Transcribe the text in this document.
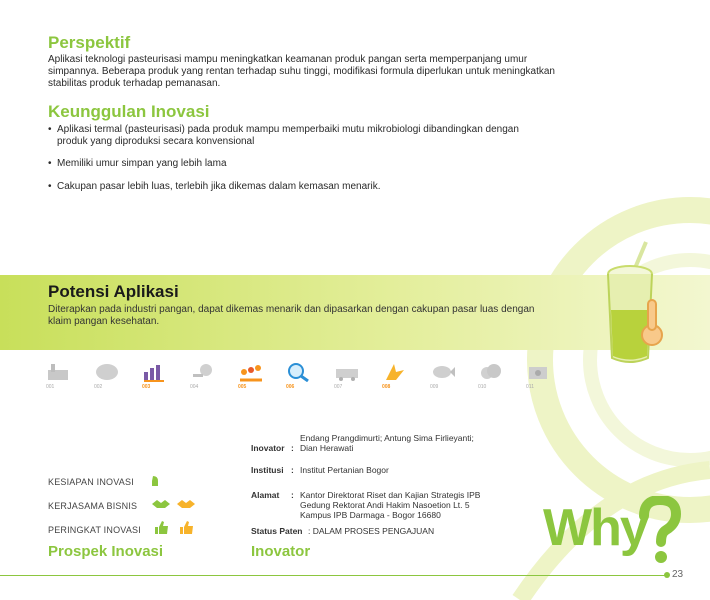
Perspektif
Aplikasi teknologi pasteurisasi mampu meningkatkan keamanan produk pangan serta memperpanjang umur
simpannya. Beberapa produk yang rentan terhadap suhu tinggi, modifikasi formula diperlukan untuk meningkatkan
stabilitas produk terhadap pemanasan.
Keunggulan Inovasi
• Aplikasi termal (pasteurisasi) pada produk mampu memperbaiki mutu mikrobiologi dibandingkan dengan
produk yang diproduksi secara konvensional
• Memiliki umur simpan yang lebih lama
• Cakupan pasar lebih luas, terlebih jika dikemas dalam kemasan menarik.
Potensi Aplikasi
Diterapkan pada industri pangan, dapat dikemas menarik dan dipasarkan dengan cakupan pasar luas dengan
klaim pangan kesehatan.
001	002	003	004	005	006	007	008	009	010	011
KESIAPAN INOVASI
KERJASAMA BISNIS
PERINGKAT INOVASI
Prospek Inovasi
Endang Prangdimurti; Antung Sima Firlieyanti;
Inovator : Dian Herawati
Institusi : Institut Pertanian Bogor
Alamat : Kantor Direktorat Riset dan Kajian Strategis IPB
Gedung Rektorat Andi Hakim Nasoetion Lt. 5
Kampus IPB Darmaga - Bogor 16680
Status Paten : DALAM PROSES PENGAJUAN
Inovator	Why
23
